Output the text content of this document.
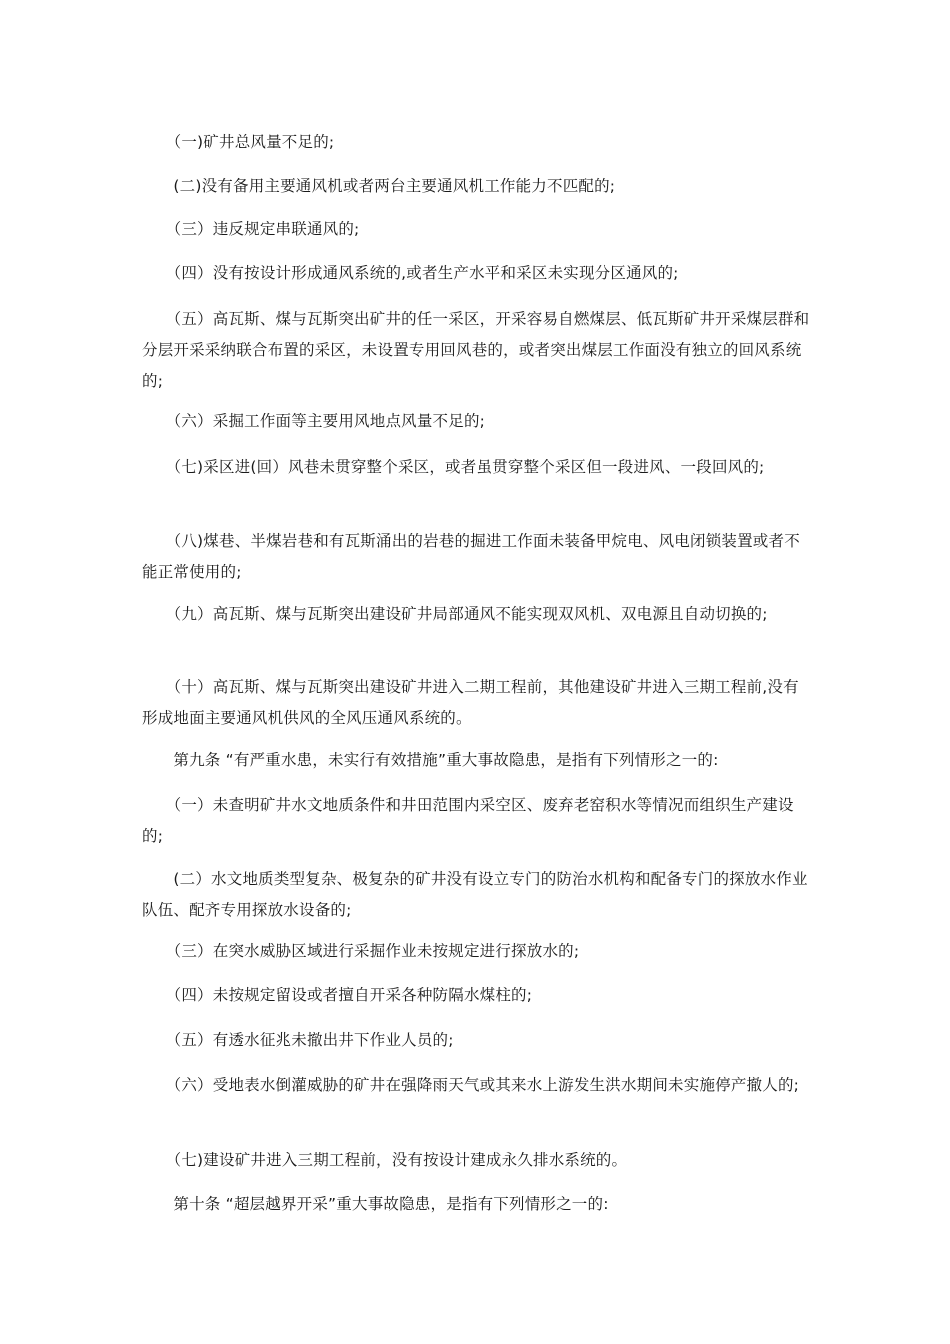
　　（一)矿井总风量不足的;
　　(二)没有备用主要通风机或者两台主要通风机工作能力不匹配的;
　　（三）违反规定串联通风的;
　　（四）没有按设计形成通风系统的,或者生产水平和采区未实现分区通风的;
　　（五）高瓦斯、煤与瓦斯突出矿井的任一采区，开采容易自燃煤层、低瓦斯矿井开采煤层群和分层开采采纳联合布置的采区，未设置专用回风巷的，或者突出煤层工作面没有独立的回风系统的;
　　（六）采掘工作面等主要用风地点风量不足的;
　　（七)采区进(回）风巷未贯穿整个采区，或者虽贯穿整个采区但一段进风、一段回风的;
　　（八)煤巷、半煤岩巷和有瓦斯涌出的岩巷的掘进工作面未装备甲烷电、风电闭锁装置或者不能正常使用的;
　　（九）高瓦斯、煤与瓦斯突出建设矿井局部通风不能实现双风机、双电源且自动切换的;
　　（十）高瓦斯、煤与瓦斯突出建设矿井进入二期工程前，其他建设矿井进入三期工程前,没有形成地面主要通风机供风的全风压通风系统的。
　　第九条 “有严重水患，未实行有效措施”重大事故隐患，是指有下列情形之一的:
　　（一）未查明矿井水文地质条件和井田范围内采空区、废弃老窑积水等情况而组织生产建设的;
　　(二）水文地质类型复杂、极复杂的矿井没有设立专门的防治水机构和配备专门的探放水作业队伍、配齐专用探放水设备的;
　　（三）在突水威胁区域进行采掘作业未按规定进行探放水的;
　　（四）未按规定留设或者擅自开采各种防隔水煤柱的;
　　（五）有透水征兆未撤出井下作业人员的;
　　（六）受地表水倒灌威胁的矿井在强降雨天气或其来水上游发生洪水期间未实施停产撤人的;
　　（七)建设矿井进入三期工程前，没有按设计建成永久排水系统的。
　　第十条 “超层越界开采”重大事故隐患，是指有下列情形之一的:
